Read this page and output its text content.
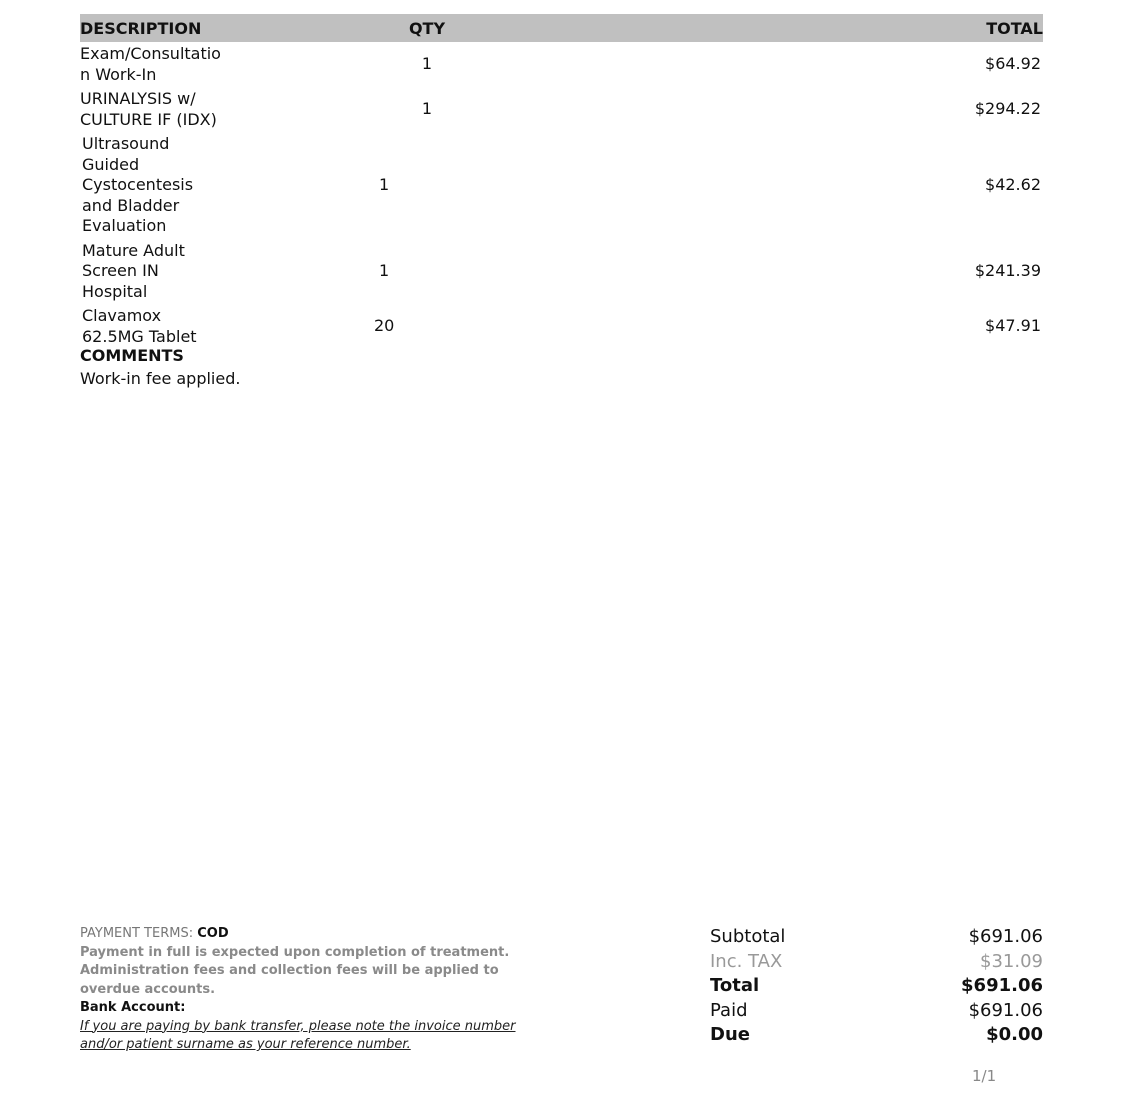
DESCRIPTION		QTY		TOTAL
Exam/Consultatio n Work-In		1		$64.92
URINALYSIS w/ CULTURE IF (IDX)		1		$294.22
Ultrasound Guided Cystocentesis and Bladder Evaluation		1		$42.62
Mature Adult Screen IN Hospital		1		$241.39
Clavamox 62.5MG Tablet		20		$47.91
COMMENTS
Work-in fee applied.
PAYMENT TERMS: COD
Payment in full is expected upon completion of treatment.
Administration fees and collection fees will be applied to
overdue accounts.
Bank Account:
If you are paying by bank transfer, please note the invoice number
and/or patient surname as your reference number.
Subtotal	$691.06
Inc. TAX	$31.09
Total	$691.06
Paid	$691.06
Due	$0.00
1/1
